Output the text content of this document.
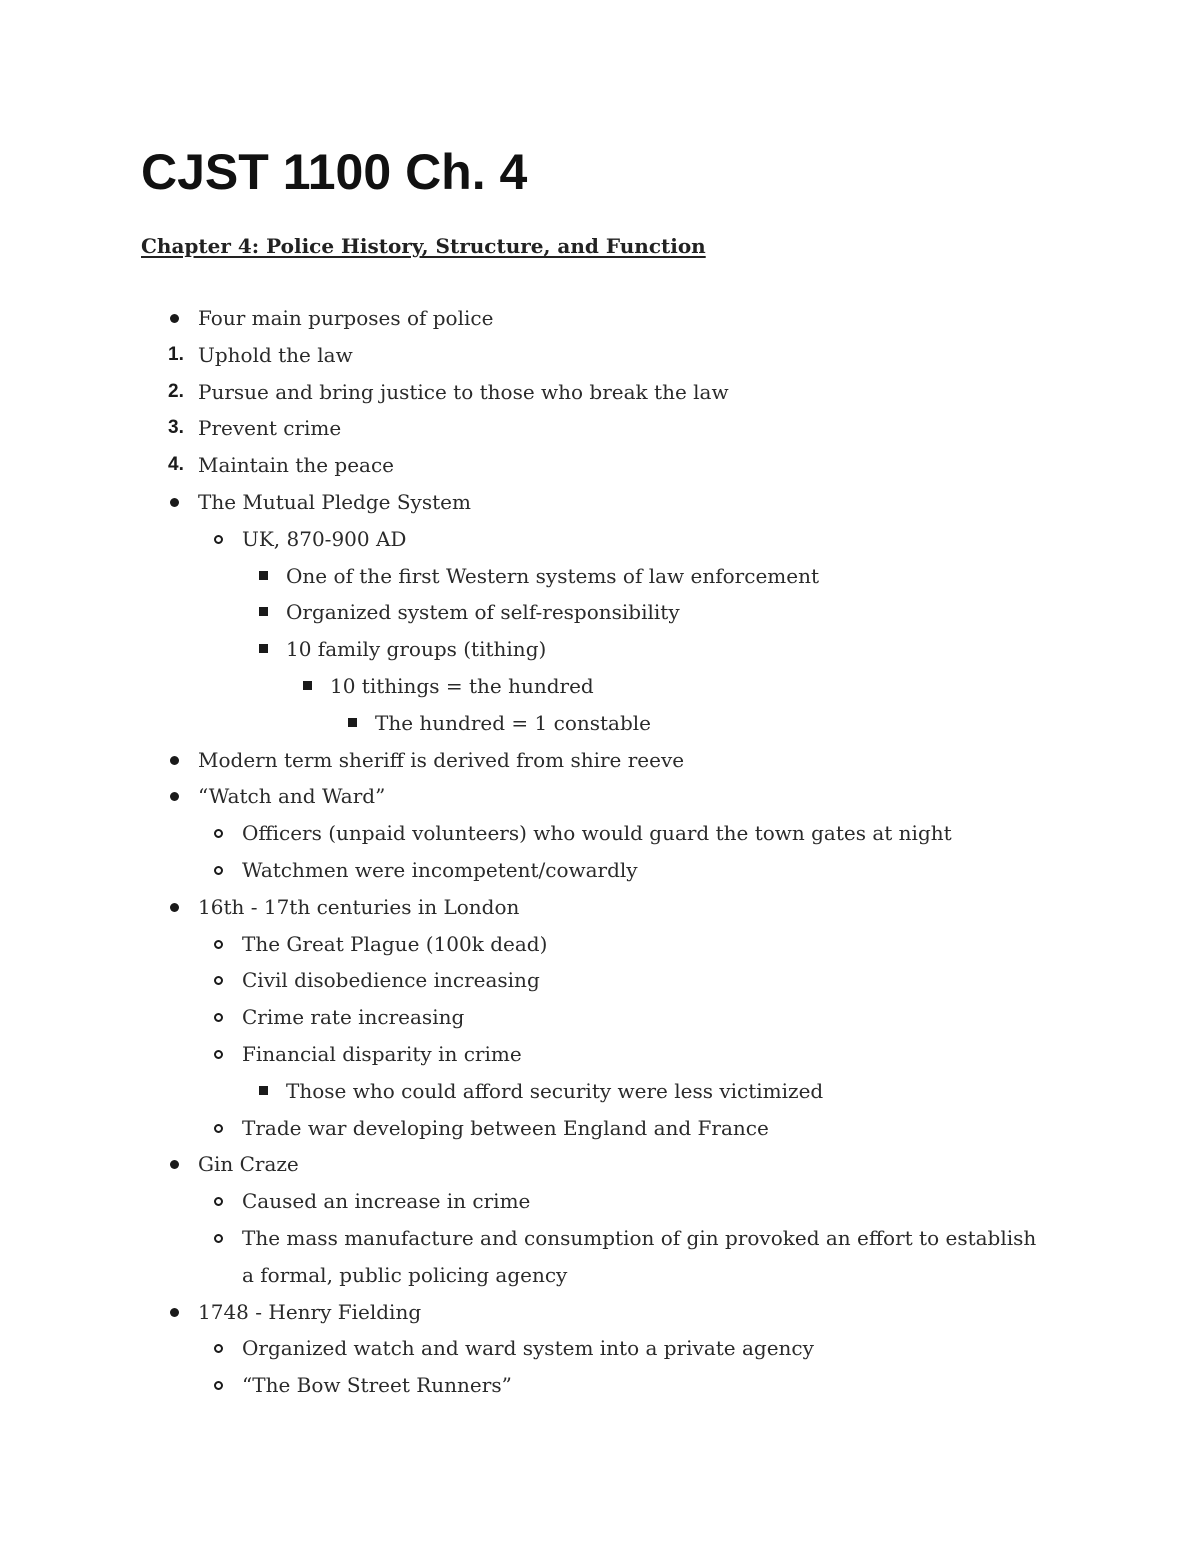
CJST 1100 Ch. 4
Chapter 4: Police History, Structure, and Function
Four main purposes of police
1. Uphold the law
2. Pursue and bring justice to those who break the law
3. Prevent crime
4. Maintain the peace
The Mutual Pledge System
UK, 870-900 AD
One of the first Western systems of law enforcement
Organized system of self-responsibility
10 family groups (tithing)
10 tithings = the hundred
The hundred = 1 constable
Modern term sheriff is derived from shire reeve
“Watch and Ward”
Officers (unpaid volunteers) who would guard the town gates at night
Watchmen were incompetent/cowardly
16th - 17th centuries in London
The Great Plague (100k dead)
Civil disobedience increasing
Crime rate increasing
Financial disparity in crime
Those who could afford security were less victimized
Trade war developing between England and France
Gin Craze
Caused an increase in crime
The mass manufacture and consumption of gin provoked an effort to establish a formal, public policing agency
1748 - Henry Fielding
Organized watch and ward system into a private agency
“The Bow Street Runners”
